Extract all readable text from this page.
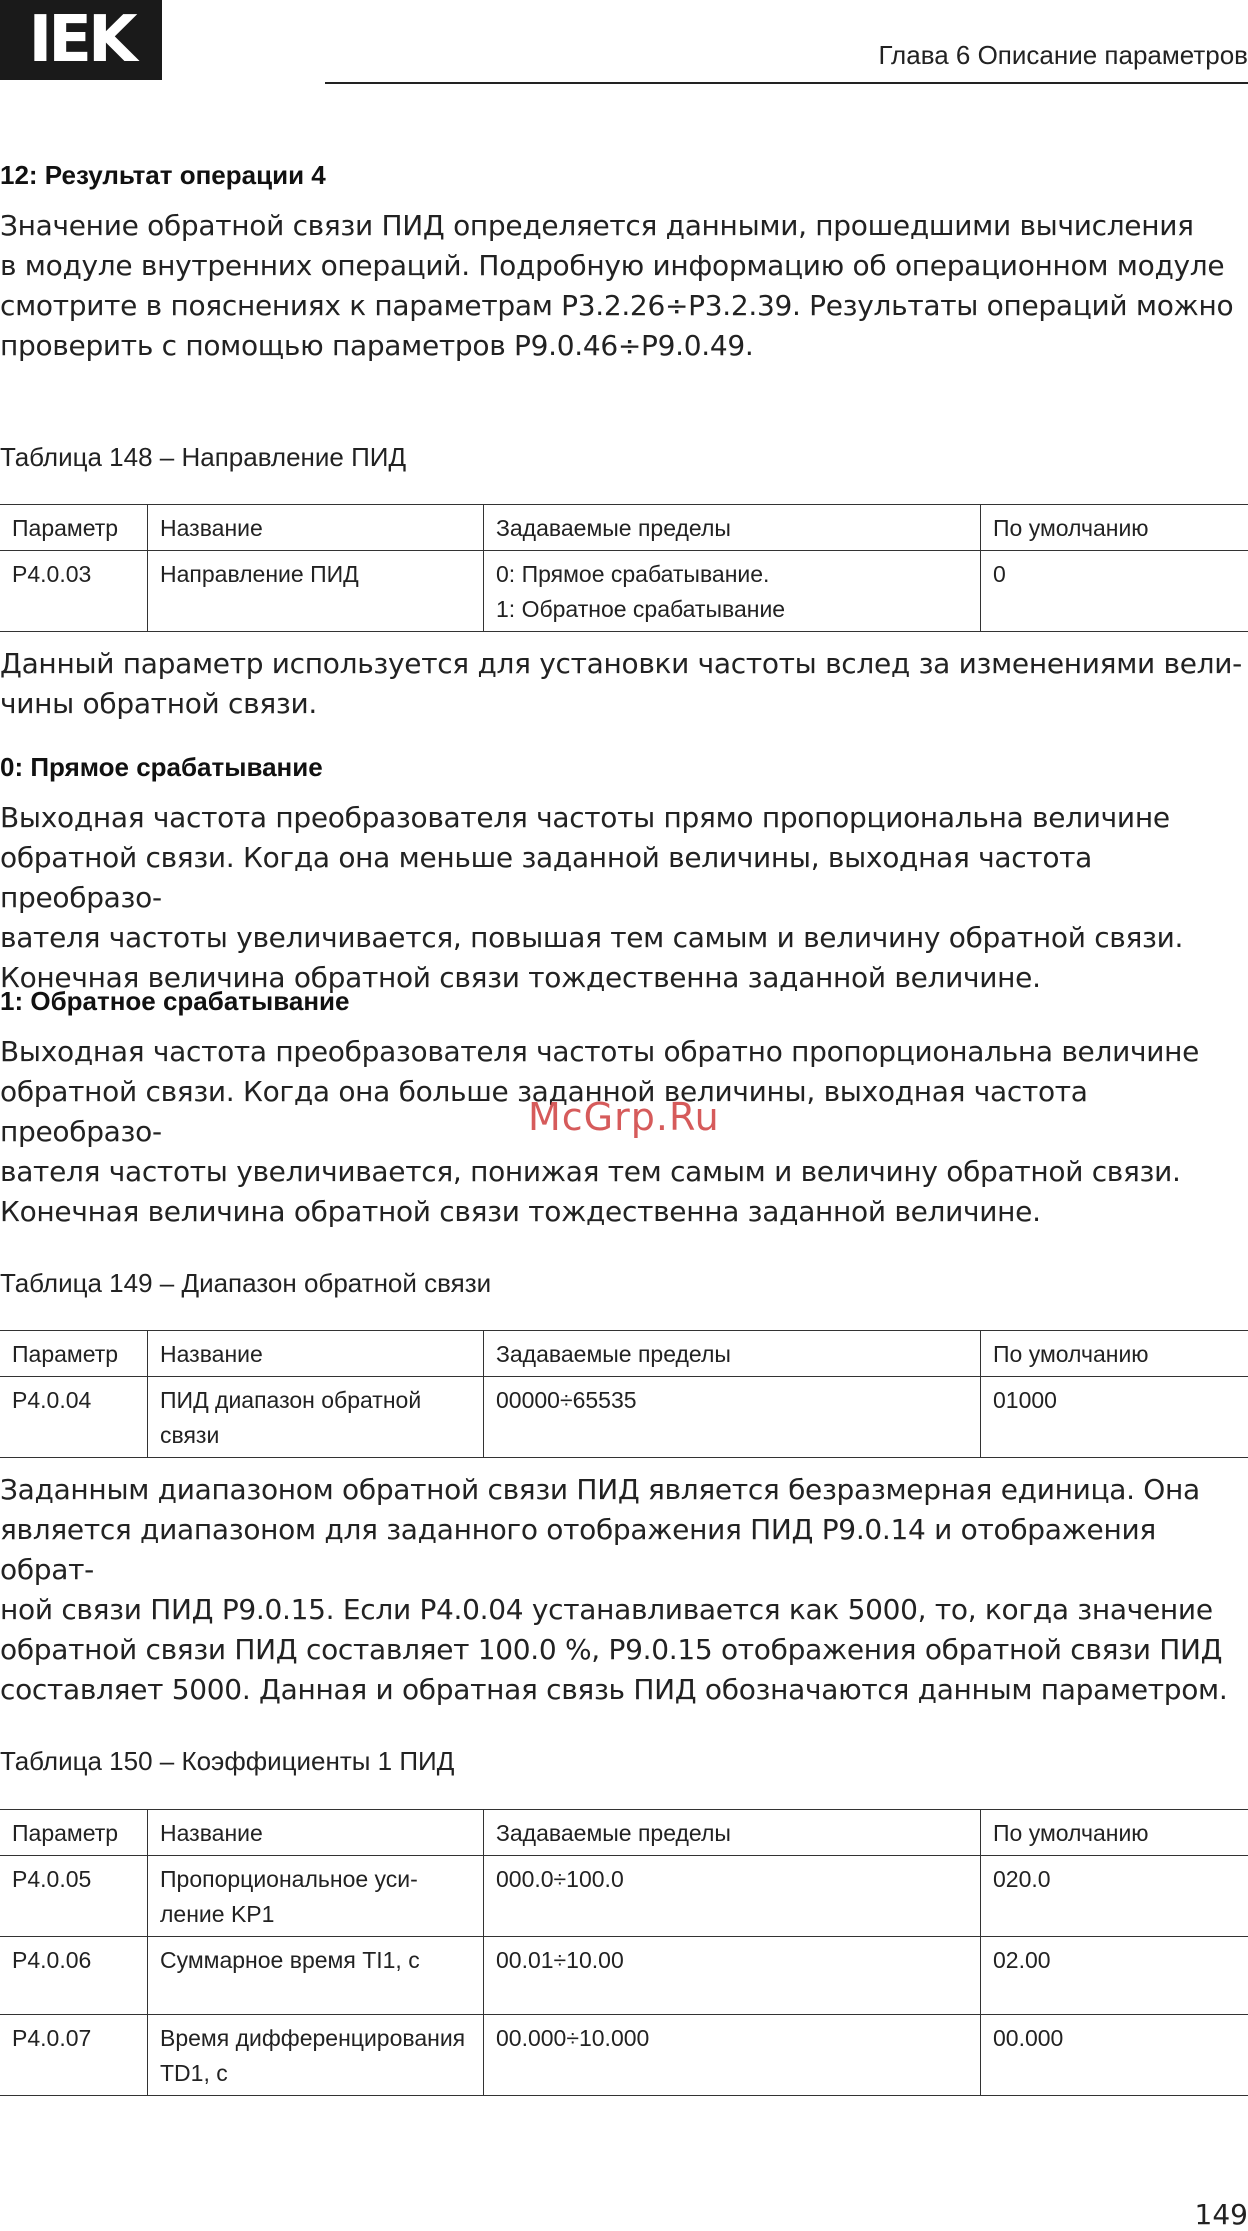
IEK	Глава 6 Описание параметров
12: Результат операции 4
Значение обратной связи ПИД определяется данными, прошедшими вычисления
в модуле внутренних операций. Подробную информацию об операционном модуле
смотрите в пояснениях к параметрам P3.2.26÷P3.2.39. Результаты операций можно
проверить с помощью параметров P9.0.46÷P9.0.49.
Таблица 148 – Направление ПИД
Параметр	Название	Задаваемые пределы	По умолчанию
P4.0.03	Направление ПИД	0: Прямое срабатывание.
1: Обратное срабатывание	0
Данный параметр используется для установки частоты вслед за изменениями вели-
чины обратной связи.
0: Прямое срабатывание
Выходная частота преобразователя частоты прямо пропорциональна величине
обратной связи. Когда она меньше заданной величины, выходная частота преобразо-
вателя частоты увеличивается, повышая тем самым и величину обратной связи.
Конечная величина обратной связи тождественна заданной величине.
1: Обратное срабатывание
Выходная частота преобразователя частоты обратно пропорциональна величине
обратной связи. Когда она больше заданной величины, выходная частота преобразо-
вателя частоты увеличивается, понижая тем самым и величину обратной связи.
Конечная величина обратной связи тождественна заданной величине.
McGrp.Ru
Таблица 149 – Диапазон обратной связи
Параметр	Название	Задаваемые пределы	По умолчанию
P4.0.04	ПИД диапазон обратной
связи	00000÷65535	01000
Заданным диапазоном обратной связи ПИД является безразмерная единица. Она
является диапазоном для заданного отображения ПИД P9.0.14 и отображения обрат-
ной связи ПИД P9.0.15. Если P4.0.04 устанавливается как 5000, то, когда значение
обратной связи ПИД составляет 100.0 %, P9.0.15 отображения обратной связи ПИД
составляет 5000. Данная и обратная связь ПИД обозначаются данным параметром.
Таблица 150 – Коэффициенты 1 ПИД
Параметр	Название	Задаваемые пределы	По умолчанию
P4.0.05	Пропорциональное уси-
ление KP1	000.0÷100.0	020.0
P4.0.06	Суммарное время TI1, с	00.01÷10.00	02.00
P4.0.07	Время дифференцирования
TD1, с	00.000÷10.000	00.000
149
